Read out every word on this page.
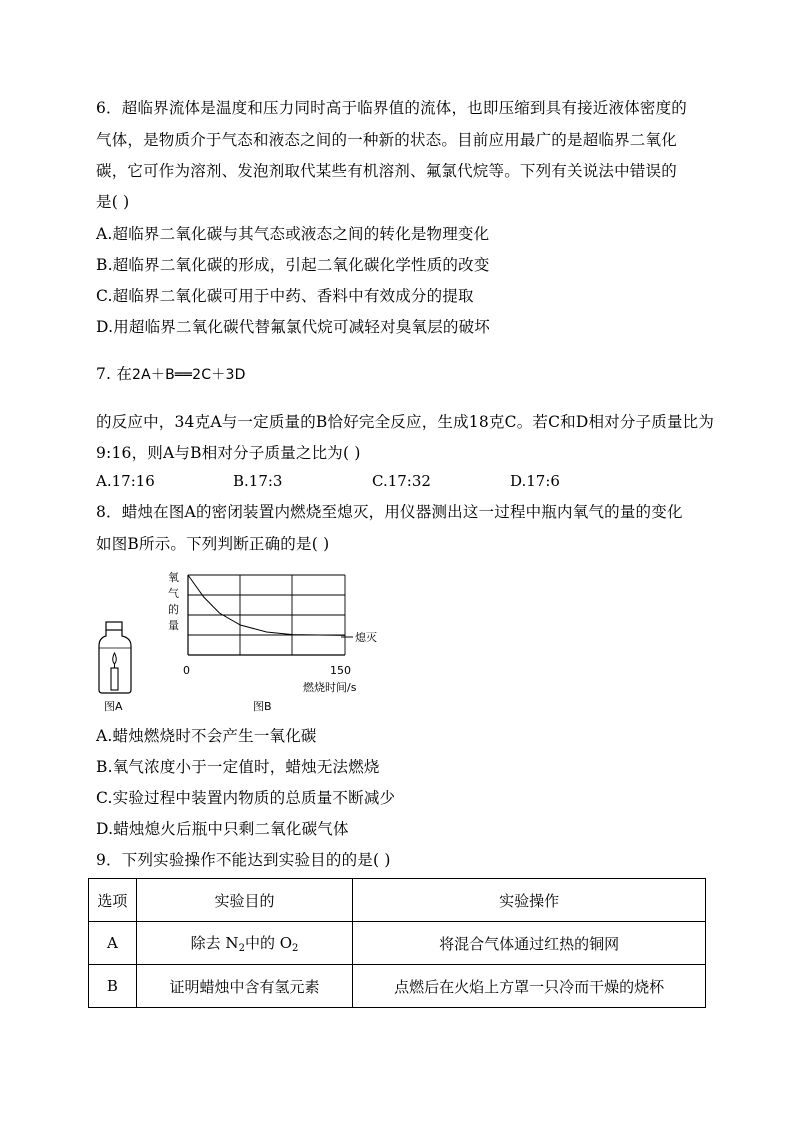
6．超临界流体是温度和压力同时高于临界值的流体，也即压缩到具有接近液体密度的
气体，是物质介于气态和液态之间的一种新的状态。目前应用最广的是超临界二氧化
碳，它可作为溶剂、发泡剂取代某些有机溶剂、氟氯代烷等。下列有关说法中错误的
是( )
A.超临界二氧化碳与其气态或液态之间的转化是物理变化
B.超临界二氧化碳的形成，引起二氧化碳化学性质的改变
C.超临界二氧化碳可用于中药、香料中有效成分的提取
D.用超临界二氧化碳代替氟氯代烷可减轻对臭氧层的破坏
7. 在2A＋B══2C＋3D
的反应中，34克A与一定质量的B恰好完全反应，生成18克C。若C和D相对分子质量比为
9:16，则A与B相对分子质量之比为( )
A.17:16	B.17:3	C.17:32	D.17:6
8．蜡烛在图A的密闭装置内燃烧至熄灭，用仪器测出这一过程中瓶内氧气的量的变化
如图B所示。下列判断正确的是( )
图A
0	150
燃烧时间/s
熄灭
氧
气
的
量
图B
A.蜡烛燃烧时不会产生一氧化碳
B.氧气浓度小于一定值时，蜡烛无法燃烧
C.实验过程中装置内物质的总质量不断减少
D.蜡烛熄火后瓶中只剩二氧化碳气体
9．下列实验操作不能达到实验目的的是( )
选项	实验目的	实验操作
A	除去 $N_2$中的 $O_2$	将混合气体通过红热的铜网
B	证明蜡烛中含有氢元素	点燃后在火焰上方罩一只冷而干燥的烧杯
